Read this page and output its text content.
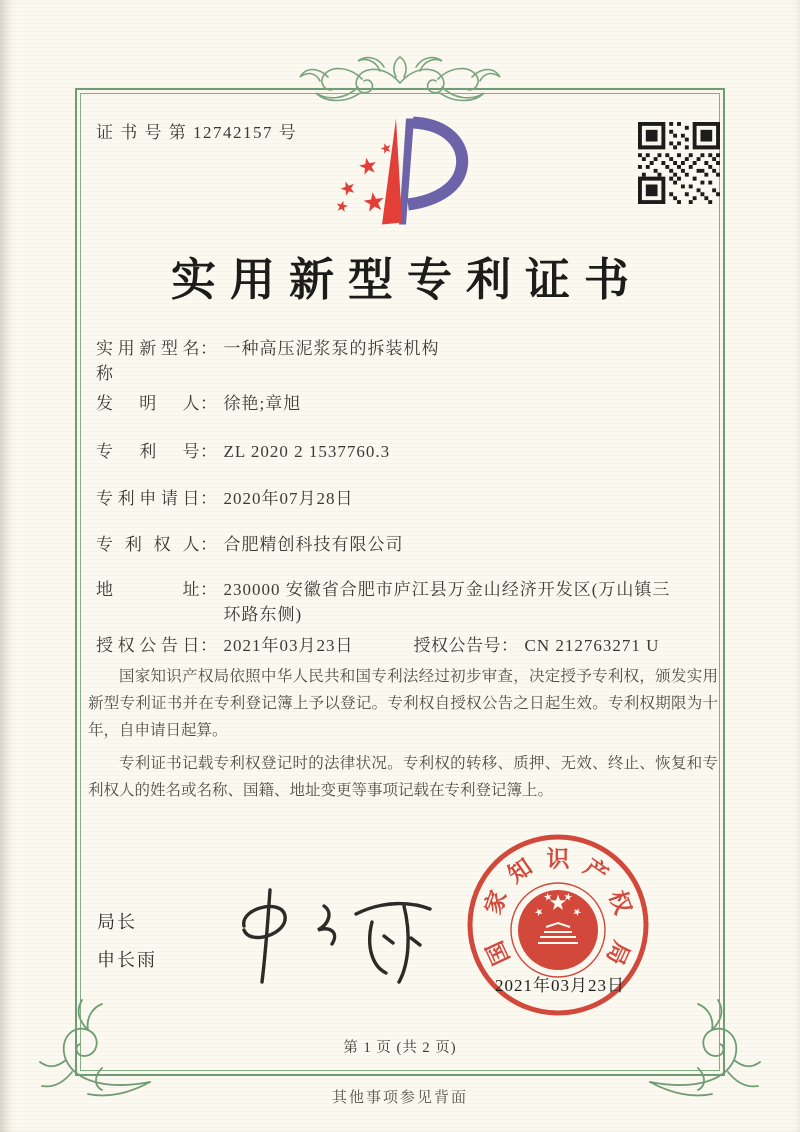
证 书 号 第 12742157 号
实用新型专利证书
实用新型名称
： 一种高压泥浆泵的拆装机构
发明人 ： 徐艳;章旭
专利号 ： ZL 2020 2 1537760.3
专利申请日 ： 2020年07月28日
专利权人 ： 合肥精创科技有限公司
地址 ： 230000 安徽省合肥市庐江县万金山经济开发区(万山镇三环路东侧)
授权公告日 ： 2021年03月23日	授权公告号 ： CN 212763271 U

国家知识产权局依照中华人民共和国专利法经过初步审查，决定授予专利权，颁发实用新型专利证书并在专利登记簿上予以登记。专利权自授权公告之日起生效。专利权期限为十年，自申请日起算。

专利证书记载专利权登记时的法律状况。专利权的转移、质押、无效、终止、恢复和专利权人的姓名或名称、国籍、地址变更等事项记载在专利登记簿上。

局长
申长雨	国
家
知 识 产
权
局
2021年03月23日
第 1 页 (共 2 页)
其他事项参见背面
